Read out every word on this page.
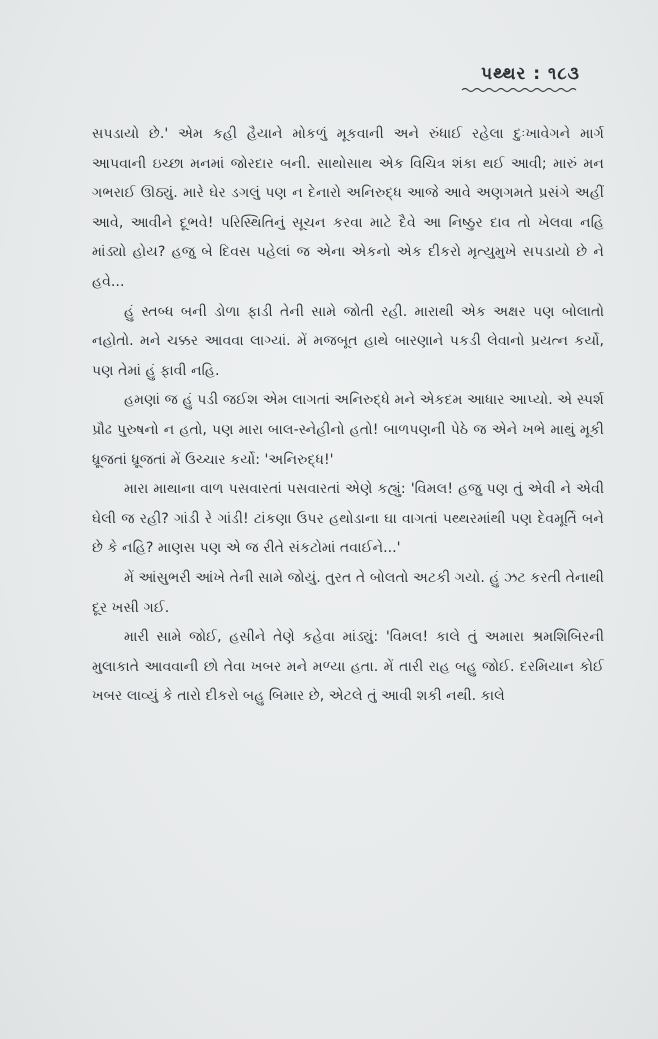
પથ્થર : ૧૮૩

સપડાયો છે.' એમ કહી હૈયાને મોકળું મૂકવાની અને રુંધાઈ રહેલા દુઃખાવેગને માર્ગ આપવાની ઇચ્છા મનમાં જોરદાર બની. સાથોસાથ એક વિચિત્ર શંકા થઈ આવી; મારું મન ગભરાઈ ઊઠ્યું. મારે ઘેર ડગલું પણ ન દેનારો અનિરુદ્ધ આજે આવે અણગમતે પ્રસંગે અહીં આવે, આવીને દૂભવે! પરિસ્થિતિનું સૂચન કરવા માટે દૈવે આ નિષ્ઠુર દાવ તો ખેલવા નહિ માંડ્યો હોય? હજુ બે દિવસ પહેલાં જ એના એકનો એક દીકરો મૃત્યુમુખે સપડાયો છે ને હવે...

હું સ્તબ્ધ બની ડોળા ફાડી તેની સામે જોતી રહી. મારાથી એક અક્ષર પણ બોલાતો નહોતો. મને ચક્કર આવવા લાગ્યાં. મેં મજબૂત હાથે બારણાને પકડી લેવાનો પ્રયત્ન કર્યો, પણ તેમાં હું ફાવી નહિ.

હમણાં જ હું પડી જઈશ એમ લાગતાં અનિરુદ્ધે મને એકદમ આધાર આપ્યો. એ સ્પર્શ પ્રૌઢ પુરુષનો ન હતો, પણ મારા બાલ-સ્નેહીનો હતો! બાળપણની પેઠે જ એને ખભે માથું મૂકી ધ્રૂજતાં ધ્રૂજતાં મેં ઉચ્ચાર કર્યો: 'અનિરુદ્ધ!'

મારા માથાના વાળ પસવારતાં પસવારતાં એણે કહ્યું: 'વિમલ! હજુ પણ તું એવી ને એવી ઘેલી જ રહી? ગાંડી રે ગાંડી! ટાંકણા ઉપર હથોડાના ઘા વાગતાં પથ્થરમાંથી પણ દેવમૂર્તિ બને છે કે નહિ? માણસ પણ એ જ રીતે સંકટોમાં તવાઈને...'

મેં આંસુભરી આંખે તેની સામે જોયું. તુરત તે બોલતો અટકી ગયો. હું ઝટ કરતી તેનાથી દૂર ખસી ગઈ.

મારી સામે જોઈ, હસીને તેણે કહેવા માંડ્યું: 'વિમલ! કાલે તું અમારા શ્રમશિબિરની મુલાકાતે આવવાની છો તેવા ખબર મને મળ્યા હતા. મેં તારી રાહ બહુ જોઈ. દરમિયાન કોઈ ખબર લાવ્યું કે તારો દીકરો બહુ બિમાર છે, એટલે તું આવી શકી નથી. કાલે
